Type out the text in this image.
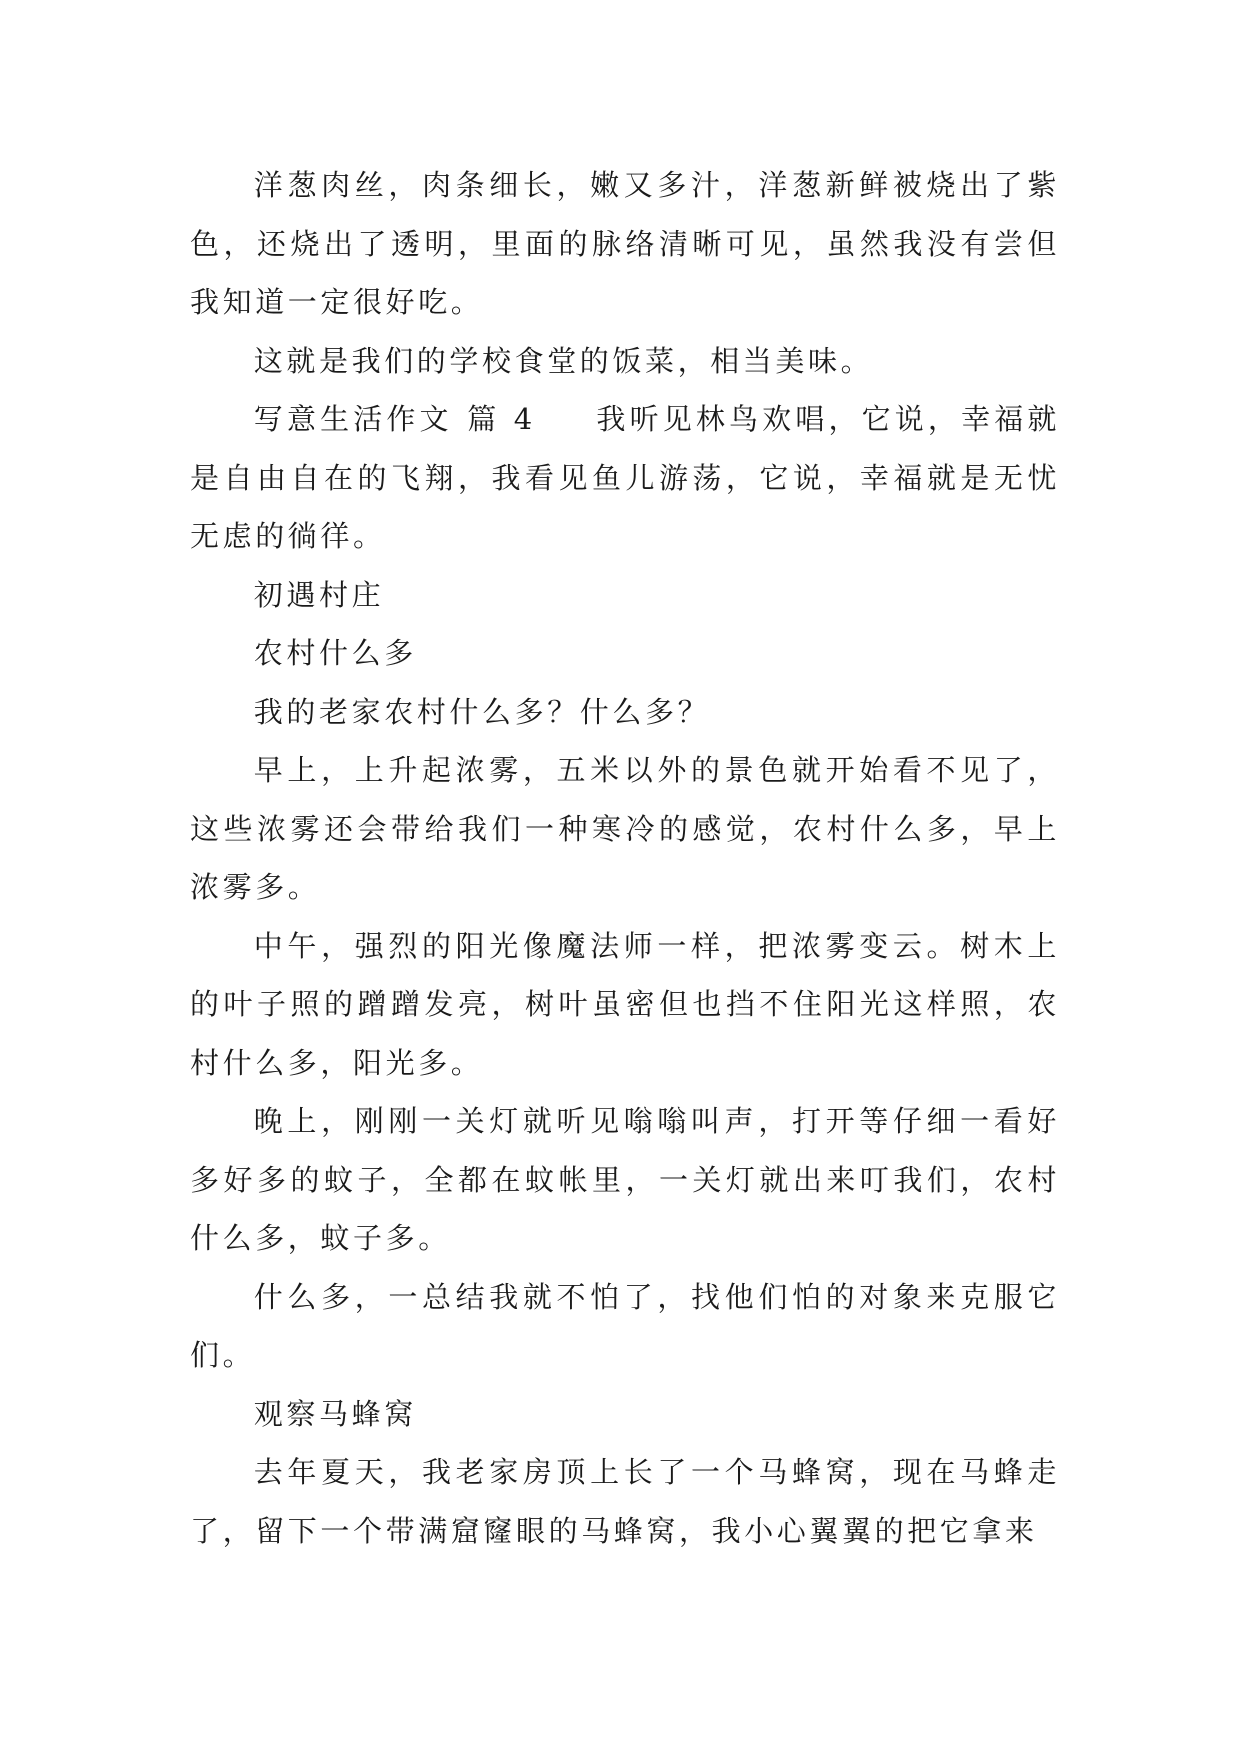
洋葱肉丝，肉条细长，嫩又多汁，洋葱新鲜被烧出了紫色，还烧出了透明，里面的脉络清晰可见，虽然我没有尝但我知道一定很好吃。

这就是我们的学校食堂的饭菜，相当美味。

写意生活作文 篇 4 我听见林鸟欢唱，它说，幸福就是自由自在的飞翔，我看见鱼儿游荡，它说，幸福就是无忧无虑的徜徉。

初遇村庄

农村什么多

我的老家农村什么多？什么多？

早上，上升起浓雾，五米以外的景色就开始看不见了，这些浓雾还会带给我们一种寒冷的感觉，农村什么多，早上浓雾多。

中午，强烈的阳光像魔法师一样，把浓雾变云。树木上的叶子照的蹭蹭发亮，树叶虽密但也挡不住阳光这样照，农村什么多，阳光多。

晚上，刚刚一关灯就听见嗡嗡叫声，打开等仔细一看好多好多的蚊子，全都在蚊帐里，一关灯就出来叮我们，农村什么多，蚊子多。

什么多，一总结我就不怕了，找他们怕的对象来克服它们。

观察马蜂窝

去年夏天，我老家房顶上长了一个马蜂窝，现在马蜂走了，留下一个带满窟窿眼的马蜂窝，我小心翼翼的把它拿来
